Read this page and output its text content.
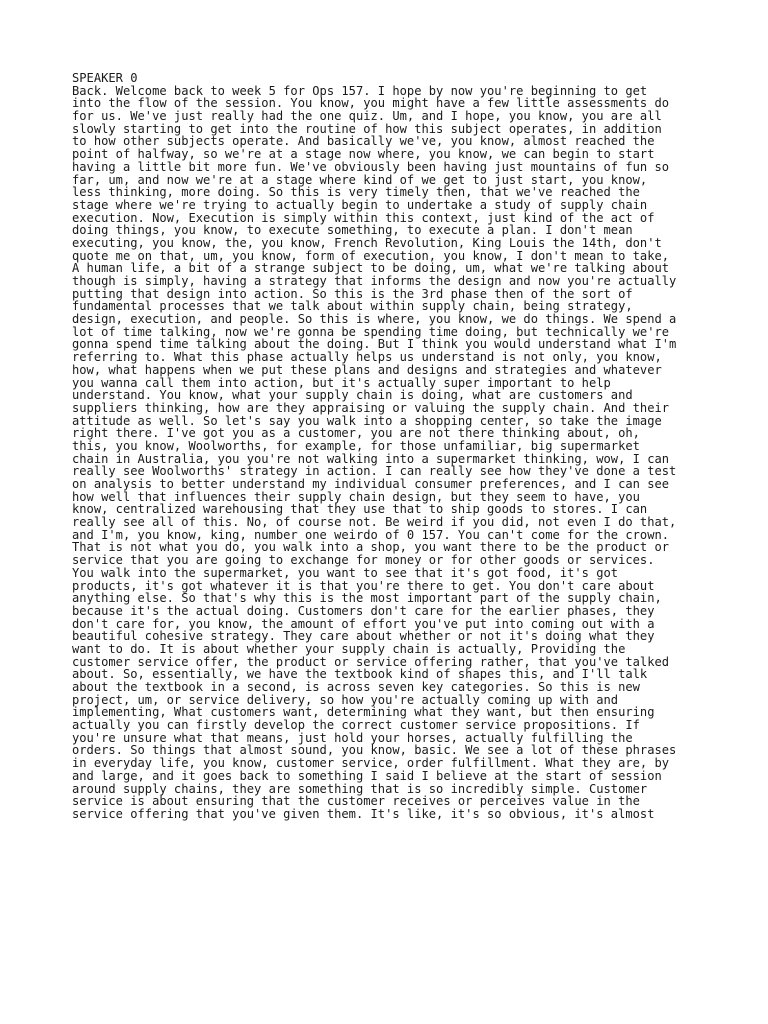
SPEAKER 0
Back. Welcome back to week 5 for Ops 157. I hope by now you're beginning to get
into the flow of the session. You know, you might have a few little assessments do
for us. We've just really had the one quiz. Um, and I hope, you know, you are all
slowly starting to get into the routine of how this subject operates, in addition
to how other subjects operate. And basically we've, you know, almost reached the
point of halfway, so we're at a stage now where, you know, we can begin to start
having a little bit more fun. We've obviously been having just mountains of fun so
far, um, and now we're at a stage where kind of we get to just start, you know,
less thinking, more doing. So this is very timely then, that we've reached the
stage where we're trying to actually begin to undertake a study of supply chain
execution. Now, Execution is simply within this context, just kind of the act of
doing things, you know, to execute something, to execute a plan. I don't mean
executing, you know, the, you know, French Revolution, King Louis the 14th, don't
quote me on that, um, you know, form of execution, you know, I don't mean to take,
A human life, a bit of a strange subject to be doing, um, what we're talking about
though is simply, having a strategy that informs the design and now you're actually
putting that design into action. So this is the 3rd phase then of the sort of
fundamental processes that we talk about within supply chain, being strategy,
design, execution, and people. So this is where, you know, we do things. We spend a
lot of time talking, now we're gonna be spending time doing, but technically we're
gonna spend time talking about the doing. But I think you would understand what I'm
referring to. What this phase actually helps us understand is not only, you know,
how, what happens when we put these plans and designs and strategies and whatever
you wanna call them into action, but it's actually super important to help
understand. You know, what your supply chain is doing, what are customers and
suppliers thinking, how are they appraising or valuing the supply chain. And their
attitude as well. So let's say you walk into a shopping center, so take the image
right there. I've got you as a customer, you are not there thinking about, oh,
this, you know, Woolworths, for example, for those unfamiliar, big supermarket
chain in Australia, you you're not walking into a supermarket thinking, wow, I can
really see Woolworths' strategy in action. I can really see how they've done a test
on analysis to better understand my individual consumer preferences, and I can see
how well that influences their supply chain design, but they seem to have, you
know, centralized warehousing that they use that to ship goods to stores. I can
really see all of this. No, of course not. Be weird if you did, not even I do that,
and I'm, you know, king, number one weirdo of 0 157. You can't come for the crown.
That is not what you do, you walk into a shop, you want there to be the product or
service that you are going to exchange for money or for other goods or services.
You walk into the supermarket, you want to see that it's got food, it's got
products, it's got whatever it is that you're there to get. You don't care about
anything else. So that's why this is the most important part of the supply chain,
because it's the actual doing. Customers don't care for the earlier phases, they
don't care for, you know, the amount of effort you've put into coming out with a
beautiful cohesive strategy. They care about whether or not it's doing what they
want to do. It is about whether your supply chain is actually, Providing the
customer service offer, the product or service offering rather, that you've talked
about. So, essentially, we have the textbook kind of shapes this, and I'll talk
about the textbook in a second, is across seven key categories. So this is new
project, um, or service delivery, so how you're actually coming up with and
implementing, What customers want, determining what they want, but then ensuring
actually you can firstly develop the correct customer service propositions. If
you're unsure what that means, just hold your horses, actually fulfilling the
orders. So things that almost sound, you know, basic. We see a lot of these phrases
in everyday life, you know, customer service, order fulfillment. What they are, by
and large, and it goes back to something I said I believe at the start of session
around supply chains, they are something that is so incredibly simple. Customer
service is about ensuring that the customer receives or perceives value in the
service offering that you've given them. It's like, it's so obvious, it's almost
